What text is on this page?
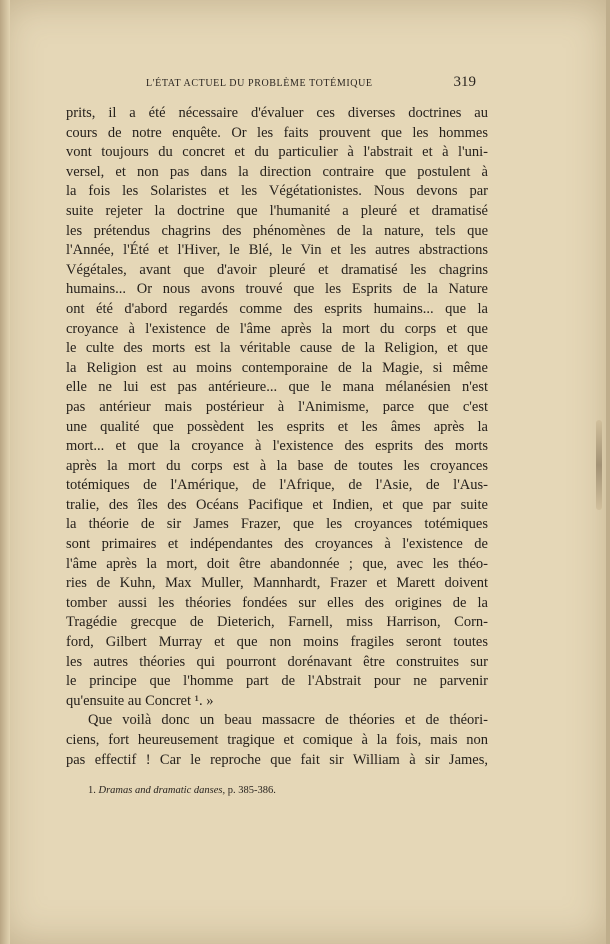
L'ÉTAT ACTUEL DU PROBLÈME TOTÉMIQUE	319
prits, il a été nécessaire d'évaluer ces diverses doctrines au
cours de notre enquête. Or les faits prouvent que les hommes
vont toujours du concret et du particulier à l'abstrait et à l'uni-
versel, et non pas dans la direction contraire que postulent à
la fois les Solaristes et les Végétationistes. Nous devons par
suite rejeter la doctrine que l'humanité a pleuré et dramatisé
les prétendus chagrins des phénomènes de la nature, tels que
l'Année, l'Été et l'Hiver, le Blé, le Vin et les autres abstractions
Végétales, avant que d'avoir pleuré et dramatisé les chagrins
humains... Or nous avons trouvé que les Esprits de la Nature
ont été d'abord regardés comme des esprits humains... que la
croyance à l'existence de l'âme après la mort du corps et que
le culte des morts est la véritable cause de la Religion, et que
la Religion est au moins contemporaine de la Magie, si même
elle ne lui est pas antérieure... que le mana mélanésien n'est
pas antérieur mais postérieur à l'Animisme, parce que c'est
une qualité que possèdent les esprits et les âmes après la
mort... et que la croyance à l'existence des esprits des morts
après la mort du corps est à la base de toutes les croyances
totémiques de l'Amérique, de l'Afrique, de l'Asie, de l'Aus-
tralie, des îles des Océans Pacifique et Indien, et que par suite
la théorie de sir James Frazer, que les croyances totémiques
sont primaires et indépendantes des croyances à l'existence de
l'âme après la mort, doit être abandonnée ; que, avec les théo-
ries de Kuhn, Max Muller, Mannhardt, Frazer et Marett doivent
tomber aussi les théories fondées sur elles des origines de la
Tragédie grecque de Dieterich, Farnell, miss Harrison, Corn-
ford, Gilbert Murray et que non moins fragiles seront toutes
les autres théories qui pourront dorénavant être construites sur
le principe que l'homme part de l'Abstrait pour ne parvenir
qu'ensuite au Concret ¹. »
Que voilà donc un beau massacre de théories et de théori-
ciens, fort heureusement tragique et comique à la fois, mais non
pas effectif ! Car le reproche que fait sir William à sir James,
1. Dramas and dramatic danses, p. 385-386.
